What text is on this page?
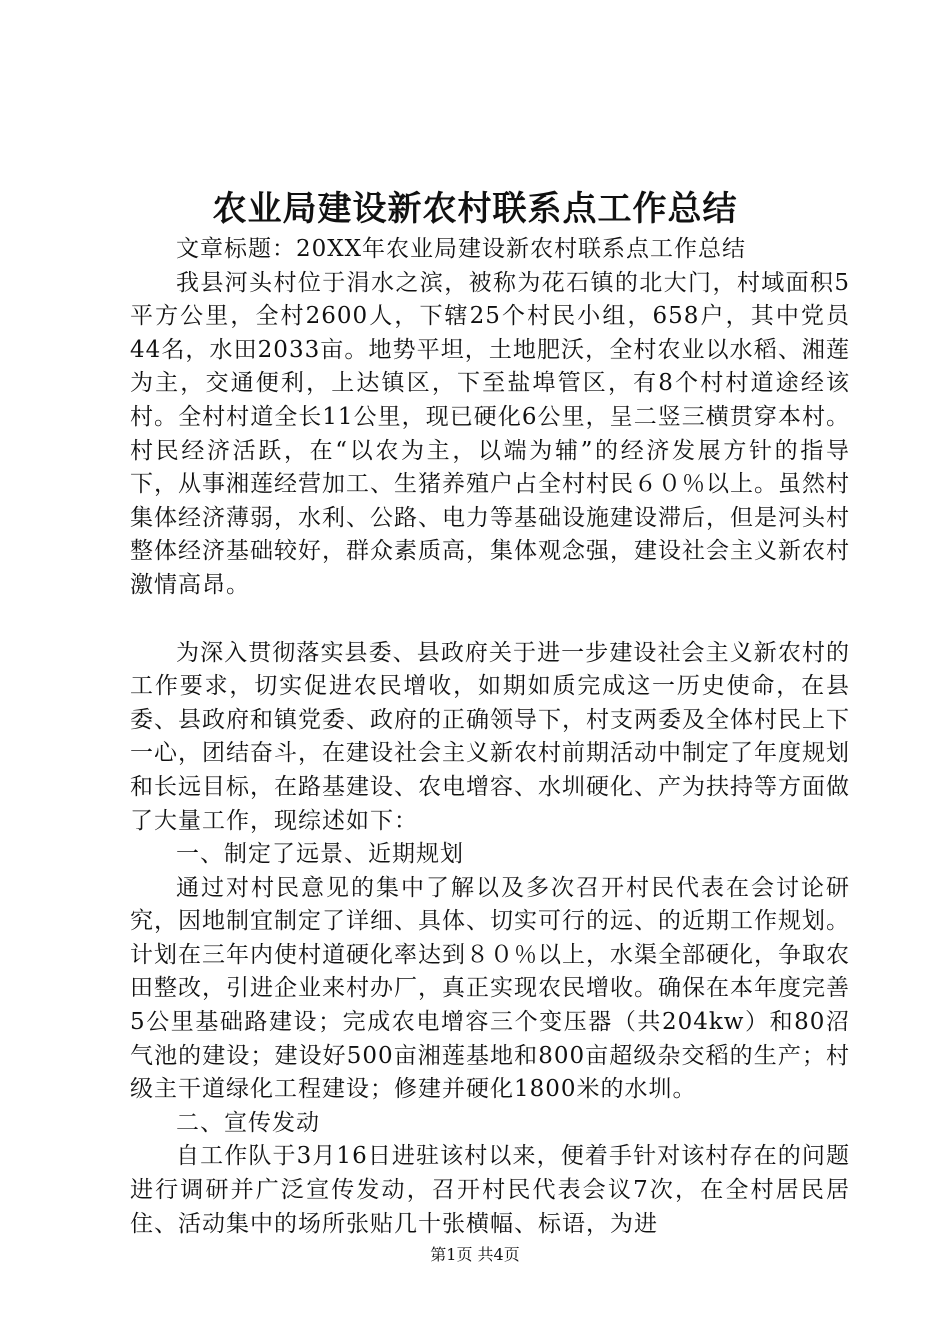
农业局建设新农村联系点工作总结

文章标题：20XX年农业局建设新农村联系点工作总结

我县河头村位于涓水之滨，被称为花石镇的北大门，村域面积5平方公里，全村2600人，下辖25个村民小组，658户，其中党员44名，水田2033亩。地势平坦，土地肥沃，全村农业以水稻、湘莲为主，交通便利，上达镇区，下至盐埠管区，有8个村村道途经该村。全村村道全长11公里，现已硬化6公里，呈二竖三横贯穿本村。村民经济活跃，在“以农为主，以端为辅”的经济发展方针的指导下，从事湘莲经营加工、生猪养殖户占全村村民６０％以上。虽然村集体经济薄弱，水利、公路、电力等基础设施建设滞后，但是河头村整体经济基础较好，群众素质高，集体观念强，建设社会主义新农村激情高昂。

为深入贯彻落实县委、县政府关于进一步建设社会主义新农村的工作要求，切实促进农民增收，如期如质完成这一历史使命，在县委、县政府和镇党委、政府的正确领导下，村支两委及全体村民上下一心，团结奋斗，在建设社会主义新农村前期活动中制定了年度规划和长远目标，在路基建设、农电增容、水圳硬化、产为扶持等方面做了大量工作，现综述如下：

一、制定了远景、近期规划

通过对村民意见的集中了解以及多次召开村民代表在会讨论研究，因地制宜制定了详细、具体、切实可行的远、的近期工作规划。计划在三年内使村道硬化率达到８０％以上，水渠全部硬化，争取农田整改，引进企业来村办厂，真正实现农民增收。确保在本年度完善5公里基础路建设；完成农电增容三个变压器（共204kw）和80沼气池的建设；建设好500亩湘莲基地和800亩超级杂交稻的生产；村级主干道绿化工程建设；修建并硬化1800米的水圳。

二、宣传发动

自工作队于3月16日进驻该村以来，便着手针对该村存在的问题进行调研并广泛宣传发动，召开村民代表会议7次，在全村居民居住、活动集中的场所张贴几十张横幅、标语，为进

第1页 共4页
